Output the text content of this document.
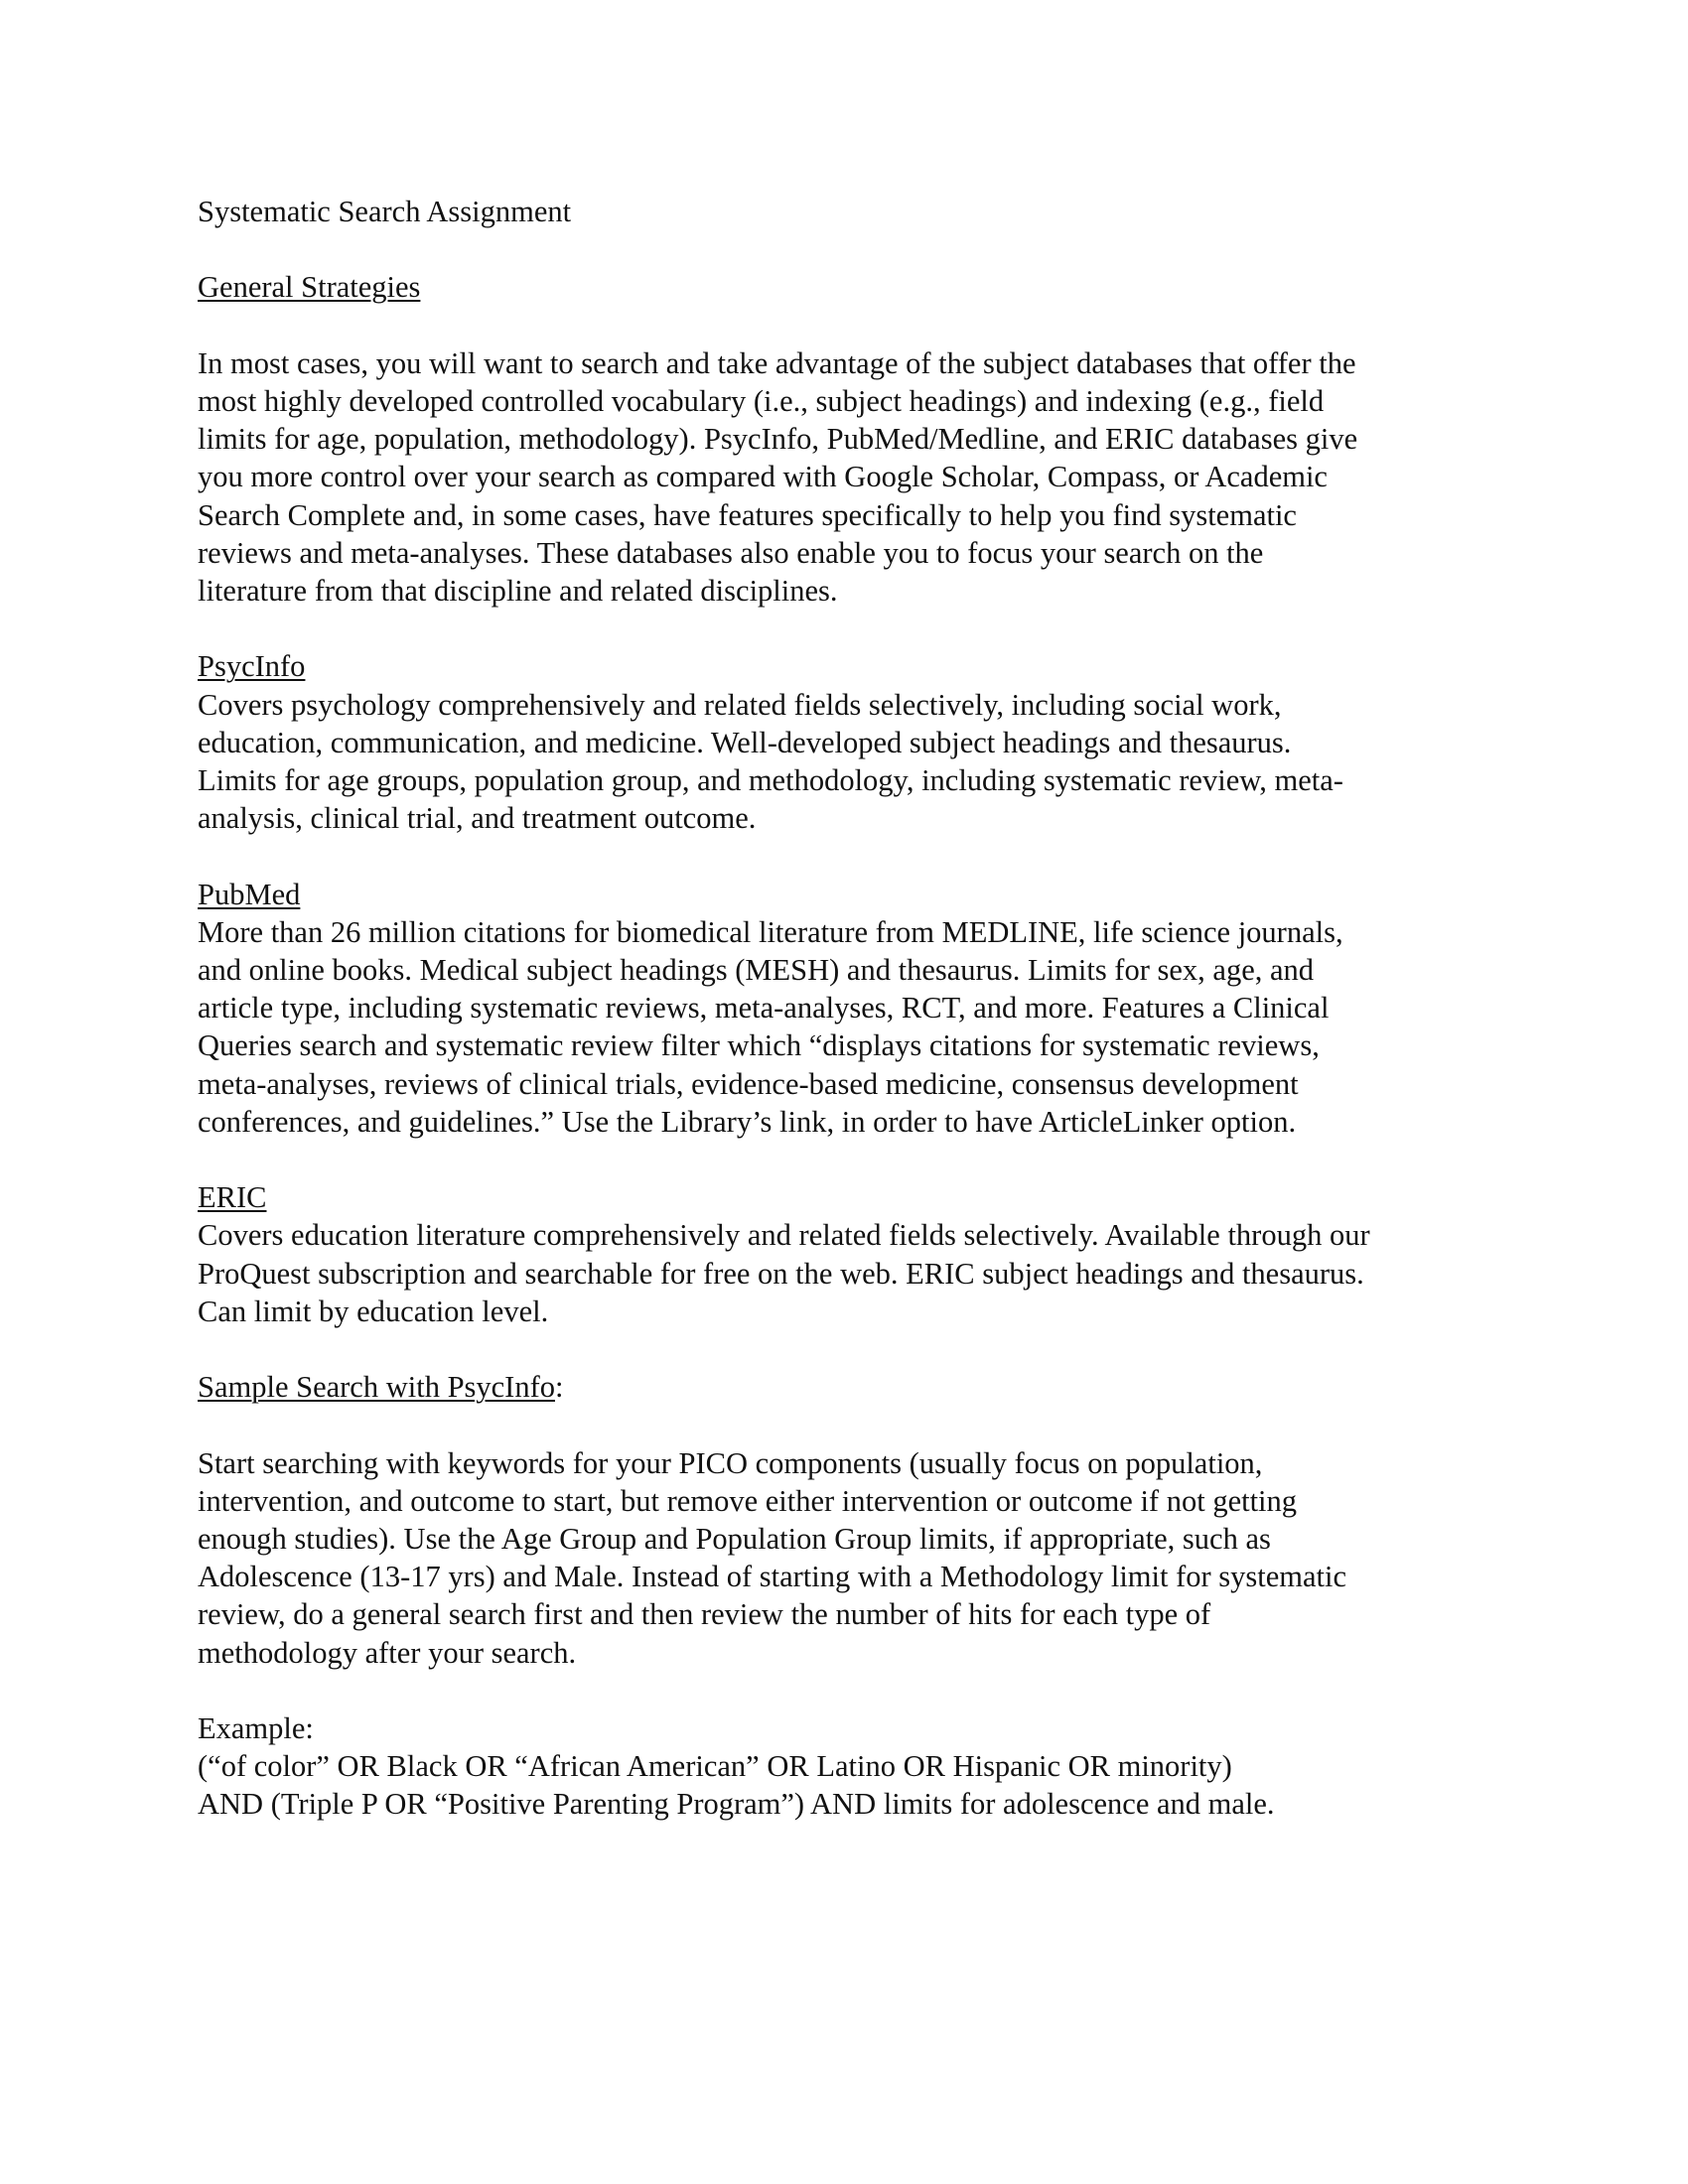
Systematic Search Assignment
General Strategies
In most cases, you will want to search and take advantage of the subject databases that offer the
most highly developed controlled vocabulary (i.e., subject headings) and indexing (e.g., field
limits for age, population, methodology). PsycInfo, PubMed/Medline, and ERIC databases give
you more control over your search as compared with Google Scholar, Compass, or Academic
Search Complete and, in some cases, have features specifically to help you find systematic
reviews and meta-analyses. These databases also enable you to focus your search on the
literature from that discipline and related disciplines.
PsycInfo
Covers psychology comprehensively and related fields selectively, including social work,
education, communication, and medicine. Well-developed subject headings and thesaurus.
Limits for age groups, population group, and methodology, including systematic review, meta-
analysis, clinical trial, and treatment outcome.
PubMed
More than 26 million citations for biomedical literature from MEDLINE, life science journals,
and online books. Medical subject headings (MESH) and thesaurus. Limits for sex, age, and
article type, including systematic reviews, meta-analyses, RCT, and more. Features a Clinical
Queries search and systematic review filter which “displays citations for systematic reviews,
meta-analyses, reviews of clinical trials, evidence-based medicine, consensus development
conferences, and guidelines.” Use the Library’s link, in order to have ArticleLinker option.
ERIC
Covers education literature comprehensively and related fields selectively. Available through our
ProQuest subscription and searchable for free on the web. ERIC subject headings and thesaurus.
Can limit by education level.
Sample Search with PsycInfo:
Start searching with keywords for your PICO components (usually focus on population,
intervention, and outcome to start, but remove either intervention or outcome if not getting
enough studies). Use the Age Group and Population Group limits, if appropriate, such as
Adolescence (13-17 yrs) and Male. Instead of starting with a Methodology limit for systematic
review, do a general search first and then review the number of hits for each type of
methodology after your search.
Example:
(“of color” OR Black OR “African American” OR Latino OR Hispanic OR minority)
AND (Triple P OR “Positive Parenting Program”) AND limits for adolescence and male.
